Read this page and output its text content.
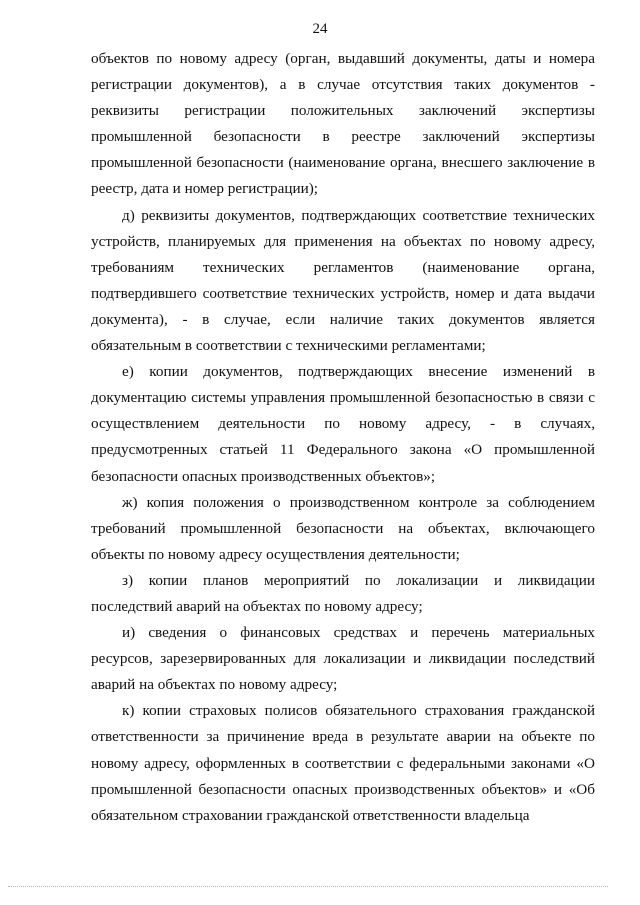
24

объектов по новому адресу (орган, выдавший документы, даты и номера регистрации документов), а в случае отсутствия таких документов - реквизиты регистрации положительных заключений экспертизы промышленной безопасности в реестре заключений экспертизы промышленной безопасности (наименование органа, внесшего заключение в реестр, дата и номер регистрации);

д) реквизиты документов, подтверждающих соответствие технических устройств, планируемых для применения на объектах по новому адресу, требованиям технических регламентов (наименование органа, подтвердившего соответствие технических устройств, номер и дата выдачи документа), - в случае, если наличие таких документов является обязательным в соответствии с техническими регламентами;

е) копии документов, подтверждающих внесение изменений в документацию системы управления промышленной безопасностью в связи с осуществлением деятельности по новому адресу, - в случаях, предусмотренных статьей 11 Федерального закона «О промышленной безопасности опасных производственных объектов»;

ж) копия положения о производственном контроле за соблюдением требований промышленной безопасности на объектах, включающего объекты по новому адресу осуществления деятельности;

з) копии планов мероприятий по локализации и ликвидации последствий аварий на объектах по новому адресу;

и) сведения о финансовых средствах и перечень материальных ресурсов, зарезервированных для локализации и ликвидации последствий аварий на объектах по новому адресу;

к) копии страховых полисов обязательного страхования гражданской ответственности за причинение вреда в результате аварии на объекте по новому адресу, оформленных в соответствии с федеральными законами «О промышленной безопасности опасных производственных объектов» и «Об обязательном страховании гражданской ответственности владельца
